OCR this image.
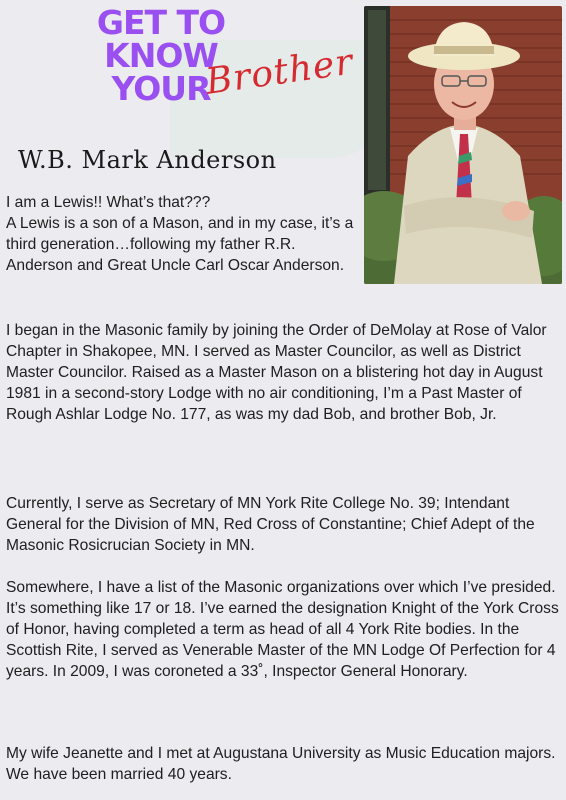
GET TO KNOW
YOUR
Brother
W.B. Mark Anderson

I am a Lewis!! What’s that???

A Lewis is a son of a Mason, and in my case, it’s a third generation…following my father R.R. Anderson and Great Uncle Carl Oscar Anderson.

I began in the Masonic family by joining the Order of DeMolay at Rose of Valor Chapter in Shakopee, MN. I served as Master Councilor, as well as District Master Councilor. Raised as a Master Mason on a blistering hot day in August 1981 in a second-story Lodge with no air conditioning, I’m a Past Master of Rough Ashlar Lodge No. 177, as was my dad Bob, and brother Bob, Jr.

Currently, I serve as Secretary of MN York Rite College No. 39; Intendant General for the Division of MN, Red Cross of Constantine; Chief Adept of the Masonic Rosicrucian Society in MN.

Somewhere, I have a list of the Masonic organizations over which I’ve presided. It’s something like 17 or 18. I’ve earned the designation Knight of the York Cross of Honor, having completed a term as head of all 4 York Rite bodies. In the Scottish Rite, I served as Venerable Master of the MN Lodge Of Perfection for 4 years. In 2009, I was coroneted a 33˚, Inspector General Honorary.

My wife Jeanette and I met at Augustana University as Music Education majors. We have been married 40 years.
